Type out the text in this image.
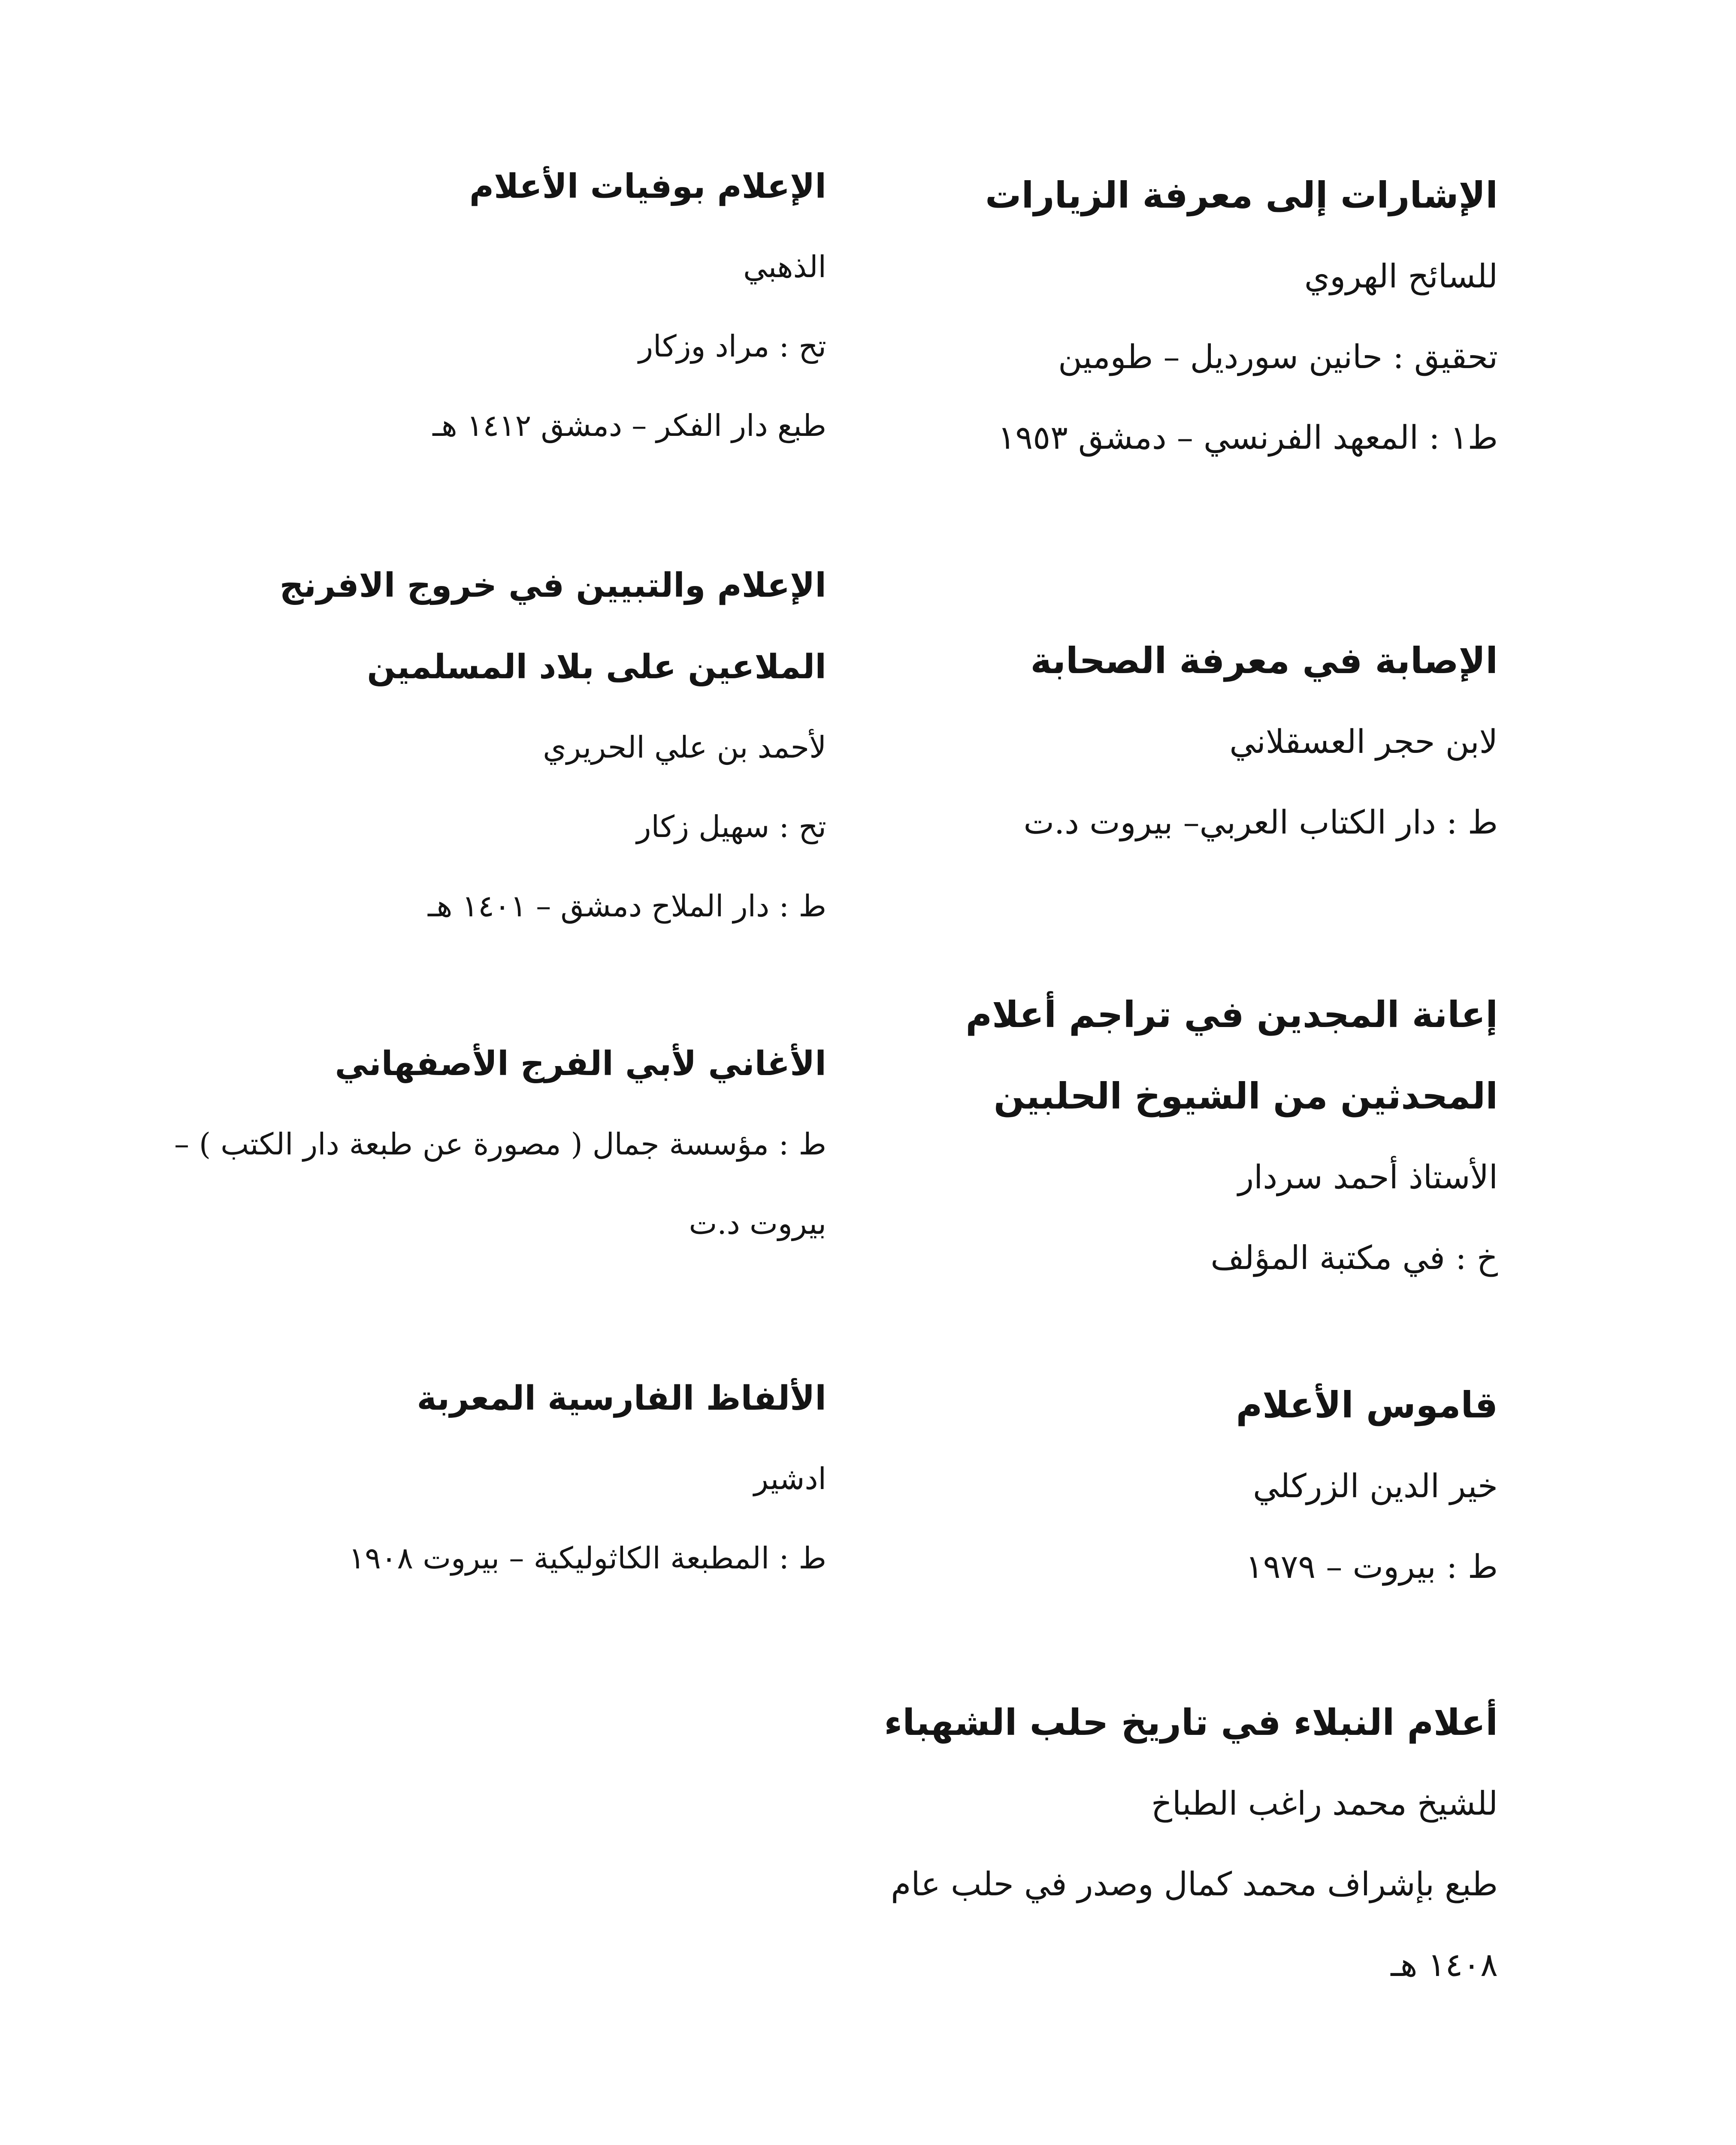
الإشارات إلى معرفة الزيارات

للسائح الهروي

تحقيق : حانين سورديل – طومين

ط١ : المعهد الفرنسي – دمشق ١٩٥٣

الإصابة في معرفة الصحابة

لابن حجر العسقلاني

ط : دار الكتاب العربي– بيروت د.ت

إعانة المجدين في تراجم أعلام المحدثين من الشيوخ الحلبين

الأستاذ أحمد سردار

خ : في مكتبة المؤلف

قاموس الأعلام

خير الدين الزركلي

ط : بيروت – ١٩٧٩

أعلام النبلاء في تاريخ حلب الشهباء

للشيخ محمد راغب الطباخ

طبع بإشراف محمد كمال وصدر في حلب عام ١٤٠٨ هـ

الإعلام بوفيات الأعلام

الذهبي

تح : مراد وزكار

طبع دار الفكر – دمشق ١٤١٢ هـ

الإعلام والتبيين في خروج الافرنج الملاعين على بلاد المسلمين

لأحمد بن علي الحريري

تح : سهيل زكار

ط : دار الملاح دمشق – ١٤٠١ هـ

الأغاني لأبي الفرج الأصفهاني

ط : مؤسسة جمال ( مصورة عن طبعة دار الكتب ) – بيروت د.ت

الألفاظ الفارسية المعربة

ادشير

ط : المطبعة الكاثوليكية – بيروت ١٩٠٨
